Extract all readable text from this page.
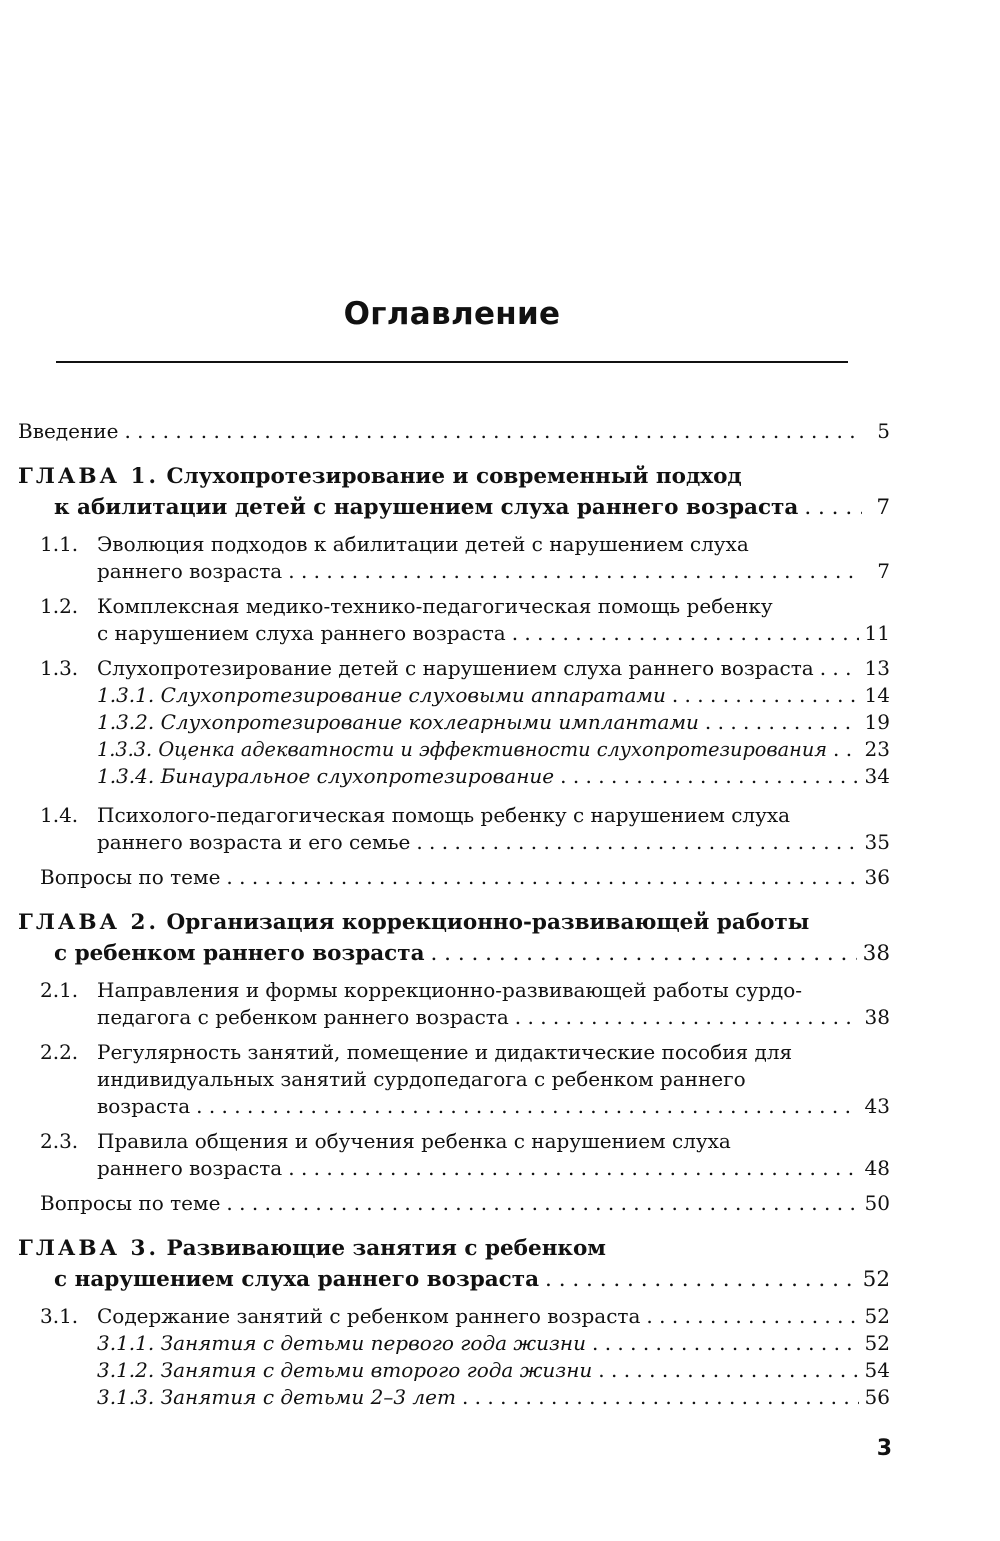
Оглавление
Введение . . .	5
ГЛАВА 1. Слухопротезирование и современный подход
к абилитации детей с нарушением слуха раннего возраста . . .	7
1.1. Эволюция подходов к абилитации детей с нарушением слуха
раннего возраста . . .	7
1.2. Комплексная медико-технико-педагогическая помощь ребенку
с нарушением слуха раннего возраста . . .	11
1.3. Слухопротезирование детей с нарушением слуха раннего возраста . . .	13
1.3.1. Слухопротезирование слуховыми аппаратами . . .	14
1.3.2. Слухопротезирование кохлеарными имплантами . . .	19
1.3.3. Оценка адекватности и эффективности слухопротезирования . . . 23
1.3.4. Бинауральное слухопротезирование . . .	34
1.4. Психолого-педагогическая помощь ребенку с нарушением слуха
раннего возраста и его семье . . .	35
Вопросы по теме . . .	36
ГЛАВА 2. Организация коррекционно-развивающей работы
с ребенком раннего возраста . . .	38
2.1. Направления и формы коррекционно-развивающей работы сурдо-
педагога с ребенком раннего возраста . . .	38
2.2. Регулярность занятий, помещение и дидактические пособия для
индивидуальных занятий сурдопедагога с ребенком раннего
возраста . . .	43
2.3. Правила общения и обучения ребенка с нарушением слуха
раннего возраста . . .	48
Вопросы по теме . . .	50
ГЛАВА 3. Развивающие занятия с ребенком
с нарушением слуха раннего возраста . . .	52
3.1. Содержание занятий с ребенком раннего возраста . . .	52
3.1.1. Занятия с детьми первого года жизни . . .	52
3.1.2. Занятия с детьми второго года жизни . . .	54
3.1.3. Занятия с детьми 2–3 лет . . .	56
3
